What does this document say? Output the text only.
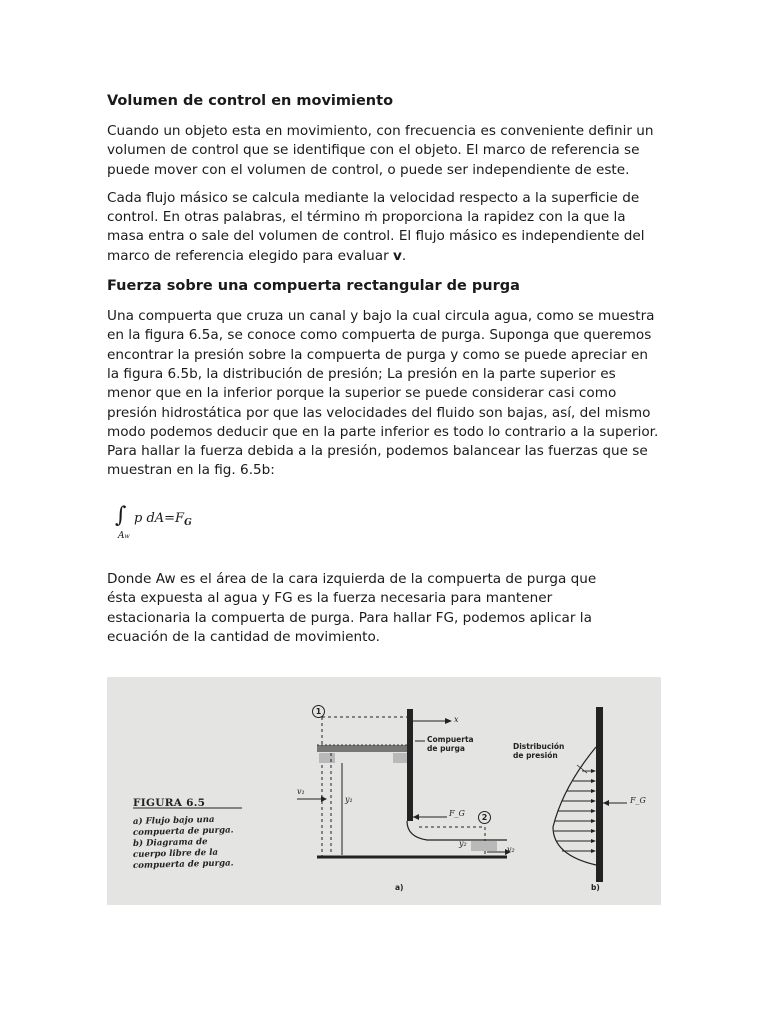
Volumen de control en movimiento

Cuando un objeto esta en movimiento, con frecuencia es conveniente definir un volumen de control que se identifique con el objeto. El marco de referencia se puede mover con el volumen de control, o puede ser independiente de este.

Cada flujo másico se calcula mediante la velocidad respecto a la superficie de control. En otras palabras, el término ṁ proporciona la rapidez con la que la masa entra o sale del volumen de control. El flujo másico es independiente del marco de referencia elegido para evaluar v.

Fuerza sobre una compuerta rectangular de purga

Una compuerta que cruza un canal y bajo la cual circula agua, como se muestra en la figura 6.5a, se conoce como compuerta de purga. Suponga que queremos encontrar la presión sobre la compuerta de purga y como se puede apreciar en la figura 6.5b, la distribución de presión; La presión en la parte superior es menor que en la inferior porque la superior se puede considerar casi como presión hidrostática por que las velocidades del fluido son bajas, así, del mismo modo podemos deducir que en la parte inferior es todo lo contrario a la superior. Para hallar la fuerza debida a la presión, podemos balancear las fuerzas que se muestran en la fig. 6.5b:

∫
Aw
p $dA=F_G$

Donde Aw es el área de la cara izquierda de la compuerta de purga que ésta expuesta al agua y FG es la fuerza necesaria para mantener estacionaria la compuerta de purga. Para hallar FG, podemos aplicar la ecuación de la cantidad de movimiento.

FIGURA 6.5
a) Flujo bajo una
compuerta de purga.
b) Diagrama de
cuerpo libre de la
compuerta de purga.
1
2
x
v₁
y₁
F_G
y₂
v₂
F_G
Compuerta
de purga	Distribución
de presión
a)	b)
